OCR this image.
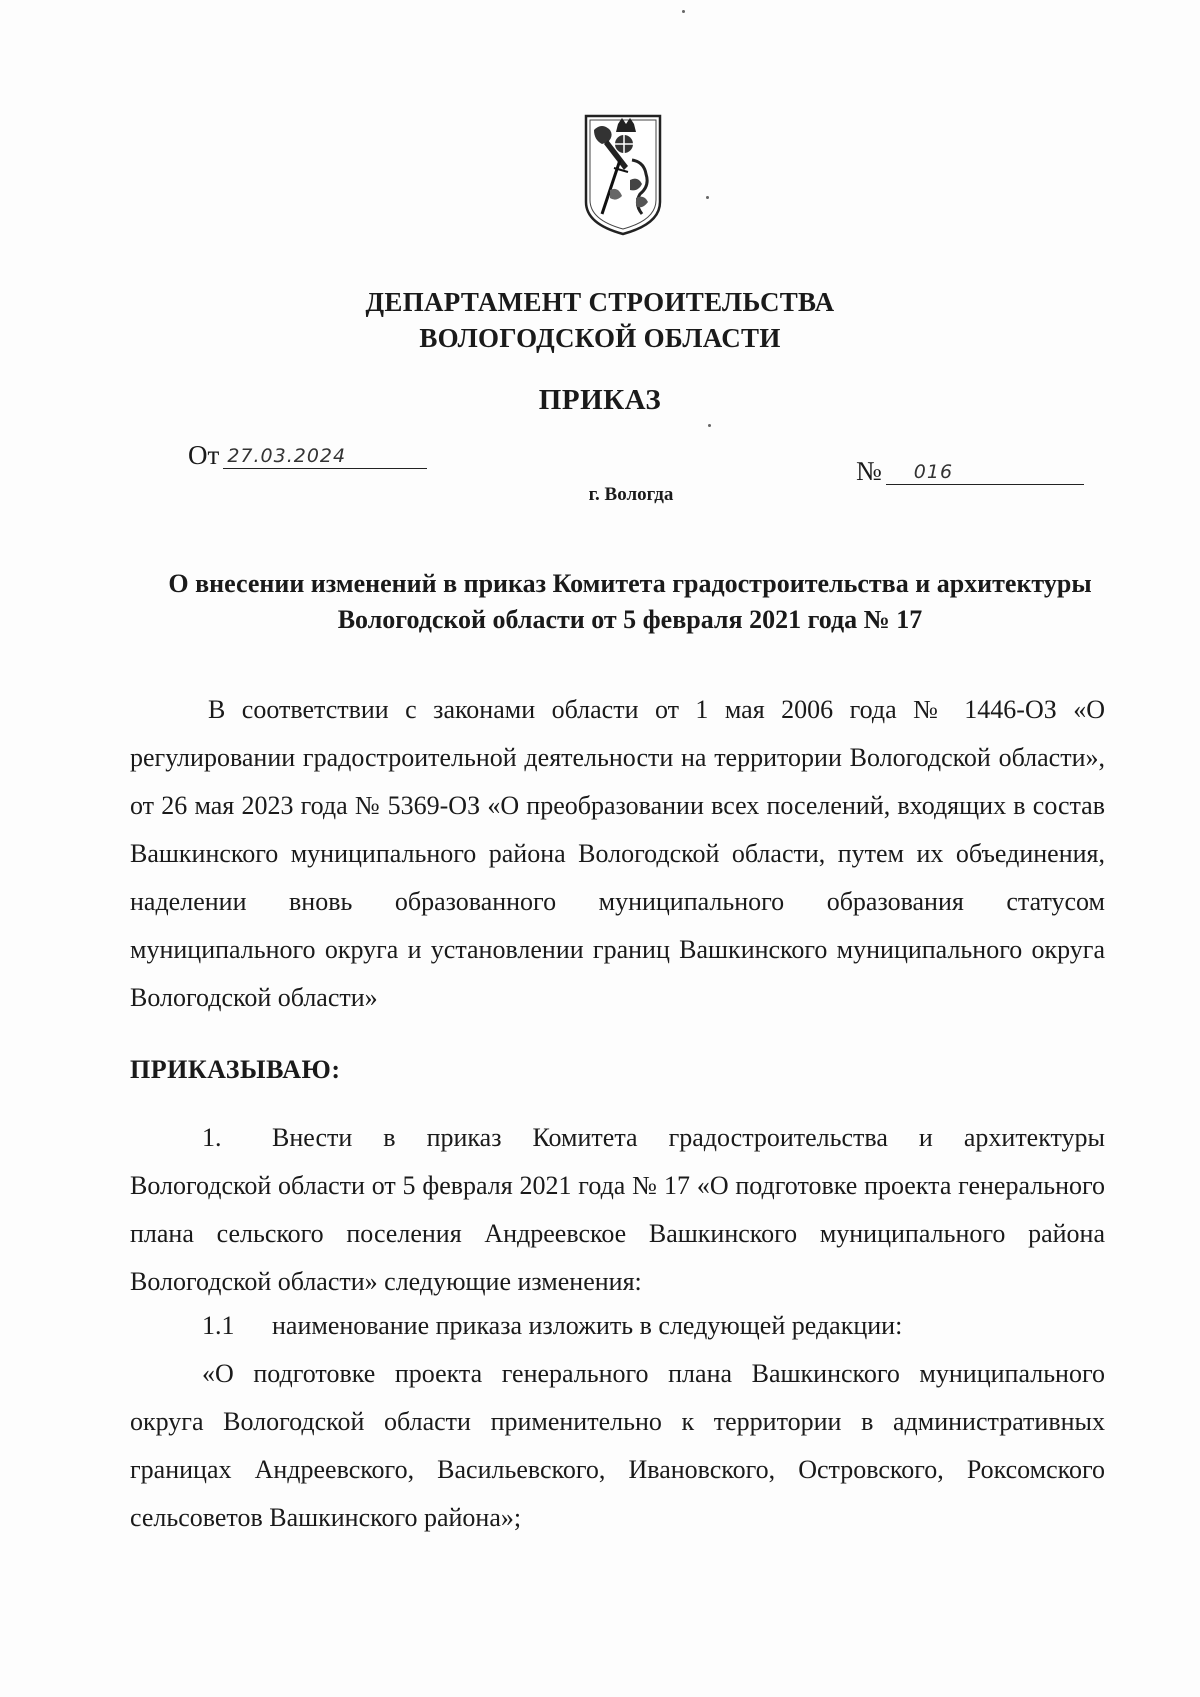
ДЕПАРТАМЕНТ СТРОИТЕЛЬСТВА
ВОЛОГОДСКОЙ ОБЛАСТИ
ПРИКАЗ
От 27.03.2024	№ 016
г. Вологда
О внесении изменений в приказ Комитета градостроительства и архитектуры Вологодской области от 5 февраля 2021 года № 17
В соответствии с законами области от 1 мая 2006 года № 1446-ОЗ «О регулировании градостроительной деятельности на территории Вологодской области», от 26 мая 2023 года № 5369-ОЗ «О преобразовании всех поселений, входящих в состав Вашкинского муниципального района Вологодской области, путем их объединения, наделении вновь образованного муниципального образования статусом муниципального округа и установлении границ Вашкинского муниципального округа Вологодской области»
ПРИКАЗЫВАЮ:
1. Внести в приказ Комитета градостроительства и архитектуры Вологодской области от 5 февраля 2021 года № 17 «О подготовке проекта генерального плана сельского поселения Андреевское Вашкинского муниципального района Вологодской области» следующие изменения:
1.1 наименование приказа изложить в следующей редакции:
«О подготовке проекта генерального плана Вашкинского муниципального округа Вологодской области применительно к территории в административных границах Андреевского, Васильевского, Ивановского, Островского, Роксомского сельсоветов Вашкинского района»;
